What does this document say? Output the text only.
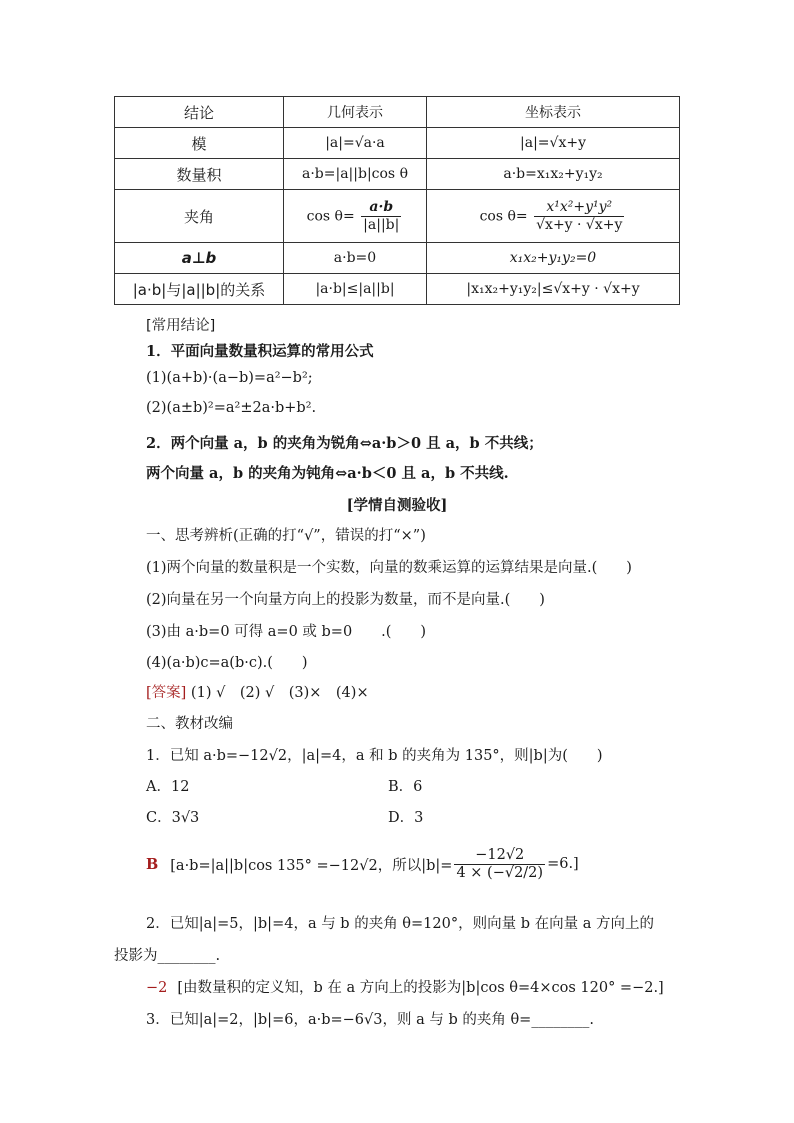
结论	几何表示	坐标表示
模	|a|=√a·a	|a|=√x+y
数量积	a·b=|a||b|cos θ	a·b=x₁x₂+y₁y₂
夹角	$\cos \theta= \frac{a\cdot b}{|a||b|}$	$\cos \theta= \frac{\text{x¹x²+y¹y²}}{√x+y \cdot √x+y}$

a⊥b	a·b=0	x₁x₂+y₁y₂=0
|a·b|与|a||b|的关系	|a·b|≤|a||b|	|x₁x₂+y₁y₂|≤√x+y · √x+y
[常用结论]
1．平面向量数量积运算的常用公式
(1)(a+b)·(a−b)=a²−b²;
(2)(a±b)²=a²±2a·b+b².
2．两个向量 a，b 的夹角为锐角⇔a·b＞0 且 a，b 不共线；
两个向量 a，b 的夹角为钝角⇔a·b＜0 且 a，b 不共线.
[学情自测验收]
一、思考辨析(正确的打“√”，错误的打“×”)
(1)两个向量的数量积是一个实数，向量的数乘运算的运算结果是向量.(　　)
(2)向量在另一个向量方向上的投影为数量，而不是向量.(　　)
(3)由 a·b=0 可得 a=0 或 b=0　　.(　　)
(4)(a·b)c=a(b·c).(　　)
[答案] (1) √　(2) √　(3)×　(4)×
二、教材改编
1．已知 a·b=−12√2，|a|=4，a 和 b 的夹角为 135°，则|b|为(　　)
A．12	B．6
C．3√3	D．3
B [a·b=|a||b|cos 135° =−12√2，所以$|b|= \frac{-12√2}{4 \times (-√2/2)} =6$.]
2．已知|a|=5，|b|=4，a 与 b 的夹角 θ=120°，则向量 b 在向量 a 方向上的
投影为________.
−2 [由数量积的定义知，b 在 a 方向上的投影为|b|cos θ=4×cos 120° =−2.]
3．已知|a|=2，|b|=6，a·b=−6√3，则 a 与 b 的夹角 θ=________.
